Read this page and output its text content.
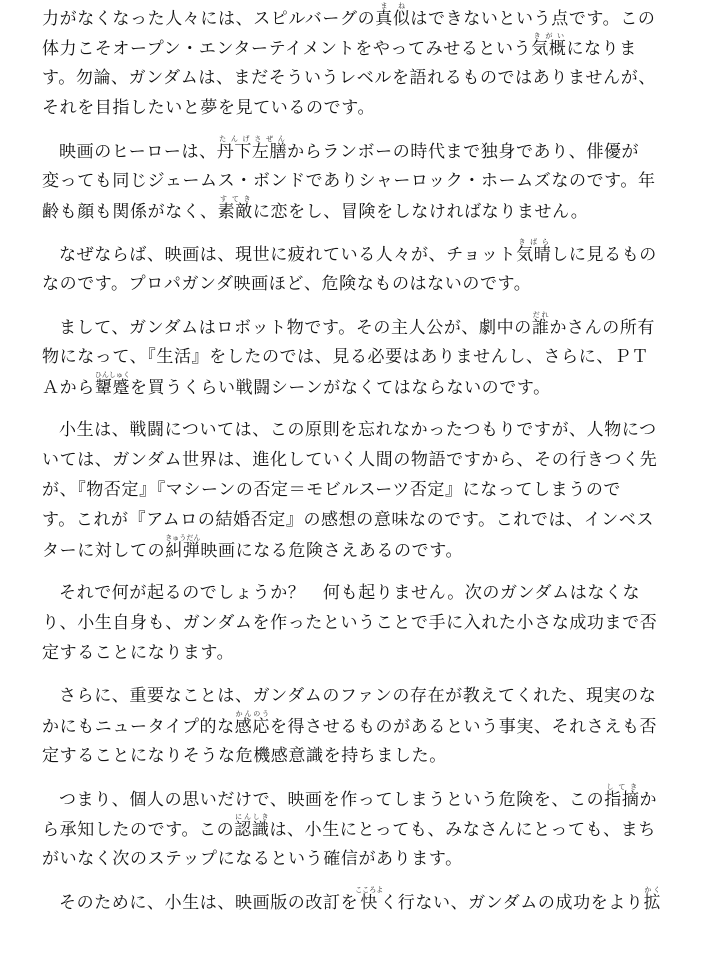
力がなくなった人々には、スピルバーグの真似まねはできないという点です。この
体力こそオープン・エンターテイメントをやってみせるという気概きがいになりま
す。勿論、ガンダムは、まだそういうレベルを語れるものではありませんが、
それを目指したいと夢を見ているのです。
映画のヒーローは、丹下左膳たんげさぜんからランボーの時代まで独身であり、俳優が
変っても同じジェームス・ボンドでありシャーロック・ホームズなのです。年
齢も顔も関係がなく、素敵すてきに恋をし、冒険をしなければなりません。
なぜならば、映画は、現世に疲れている人々が、チョット気晴きばらしに見るもの
なのです。プロパガンダ映画ほど、危険なものはないのです。
まして、ガンダムはロボット物です。その主人公が、劇中の誰だれかさんの所有
物になって、『生活』をしたのでは、見る必要はありませんし、さらに、ＰＴ
Ａから顰蹙ひんしゅくを買うくらい戦闘シーンがなくてはならないのです。
小生は、戦闘については、この原則を忘れなかったつもりですが、人物につ
いては、ガンダム世界は、進化していく人間の物語ですから、その行きつく先
が、『物否定』『マシーンの否定＝モビルスーツ否定』になってしまうので
す。これが『アムロの結婚否定』の感想の意味なのです。これでは、インベス
ターに対しての糾弾きゅうだん映画になる危険さえあるのです。
それで何が起るのでしょうか？　何も起りません。次のガンダムはなくな
り、小生自身も、ガンダムを作ったということで手に入れた小さな成功まで否
定することになります。
さらに、重要なことは、ガンダムのファンの存在が教えてくれた、現実のな
かにもニュータイプ的な感応かんのうを得させるものがあるという事実、それさえも否
定することになりそうな危機感意識を持ちました。
つまり、個人の思いだけで、映画を作ってしまうという危険を、この指摘してきか
ら承知したのです。この認識にんしきは、小生にとっても、みなさんにとっても、まち
がいなく次のステップになるという確信があります。
そのために、小生は、映画版の改訂を快こころよく行ない、ガンダムの成功をより拡かく
